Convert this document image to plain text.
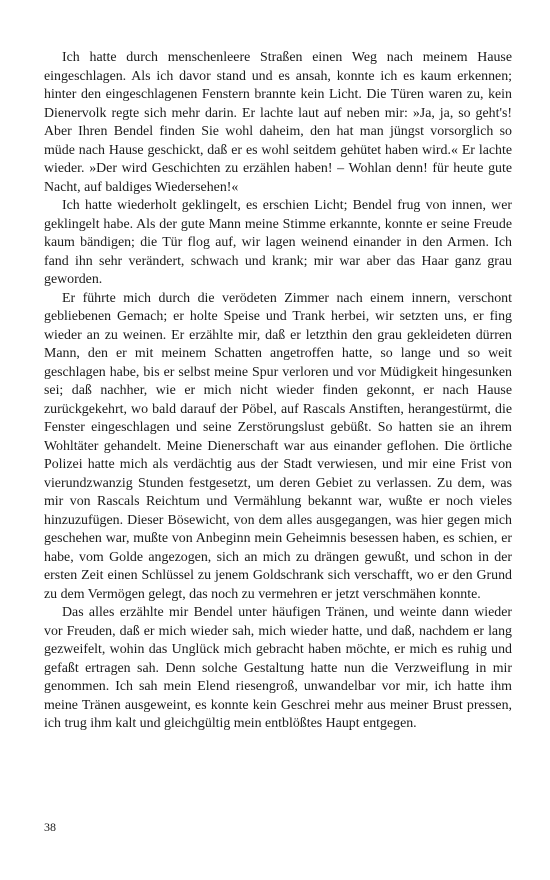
Ich hatte durch menschenleere Straßen einen Weg nach meinem Hause eingeschlagen. Als ich davor stand und es ansah, konnte ich es kaum erkennen; hinter den eingeschlagenen Fenstern brannte kein Licht. Die Türen waren zu, kein Dienervolk regte sich mehr darin. Er lachte laut auf neben mir: »Ja, ja, so geht's! Aber Ihren Bendel finden Sie wohl daheim, den hat man jüngst vorsorglich so müde nach Hause geschickt, daß er es wohl seitdem gehütet haben wird.« Er lachte wieder. »Der wird Geschichten zu erzählen haben! – Wohlan denn! für heute gute Nacht, auf baldiges Wiedersehen!«

Ich hatte wiederholt geklingelt, es erschien Licht; Bendel frug von innen, wer geklingelt habe. Als der gute Mann meine Stimme erkannte, konnte er seine Freude kaum bändigen; die Tür flog auf, wir lagen weinend einander in den Armen. Ich fand ihn sehr verändert, schwach und krank; mir war aber das Haar ganz grau geworden.

Er führte mich durch die verödeten Zimmer nach einem innern, verschont gebliebenen Gemach; er holte Speise und Trank herbei, wir setzten uns, er fing wieder an zu weinen. Er erzählte mir, daß er letzthin den grau gekleideten dürren Mann, den er mit meinem Schatten angetroffen hatte, so lange und so weit geschlagen habe, bis er selbst meine Spur verloren und vor Müdigkeit hingesunken sei; daß nachher, wie er mich nicht wieder finden gekonnt, er nach Hause zurückgekehrt, wo bald darauf der Pöbel, auf Rascals Anstiften, herangestürmt, die Fenster eingeschlagen und seine Zerstörungslust gebüßt. So hatten sie an ihrem Wohltäter gehandelt. Meine Dienerschaft war aus einander geflohen. Die örtliche Polizei hatte mich als verdächtig aus der Stadt verwiesen, und mir eine Frist von vierundzwanzig Stunden festgesetzt, um deren Gebiet zu verlassen. Zu dem, was mir von Rascals Reichtum und Vermählung bekannt war, wußte er noch vieles hinzuzufügen. Dieser Bösewicht, von dem alles ausgegangen, was hier gegen mich geschehen war, mußte von Anbeginn mein Geheimnis besessen haben, es schien, er habe, vom Golde angezogen, sich an mich zu drängen gewußt, und schon in der ersten Zeit einen Schlüssel zu jenem Goldschrank sich verschafft, wo er den Grund zu dem Vermögen gelegt, das noch zu vermehren er jetzt verschmähen konnte.

Das alles erzählte mir Bendel unter häufigen Tränen, und weinte dann wieder vor Freuden, daß er mich wieder sah, mich wieder hatte, und daß, nachdem er lang gezweifelt, wohin das Unglück mich gebracht haben möchte, er mich es ruhig und gefaßt ertragen sah. Denn solche Gestaltung hatte nun die Verzweiflung in mir genommen. Ich sah mein Elend riesengroß, unwandelbar vor mir, ich hatte ihm meine Tränen ausgeweint, es konnte kein Geschrei mehr aus meiner Brust pressen, ich trug ihm kalt und gleichgültig mein entblößtes Haupt entgegen.

38
